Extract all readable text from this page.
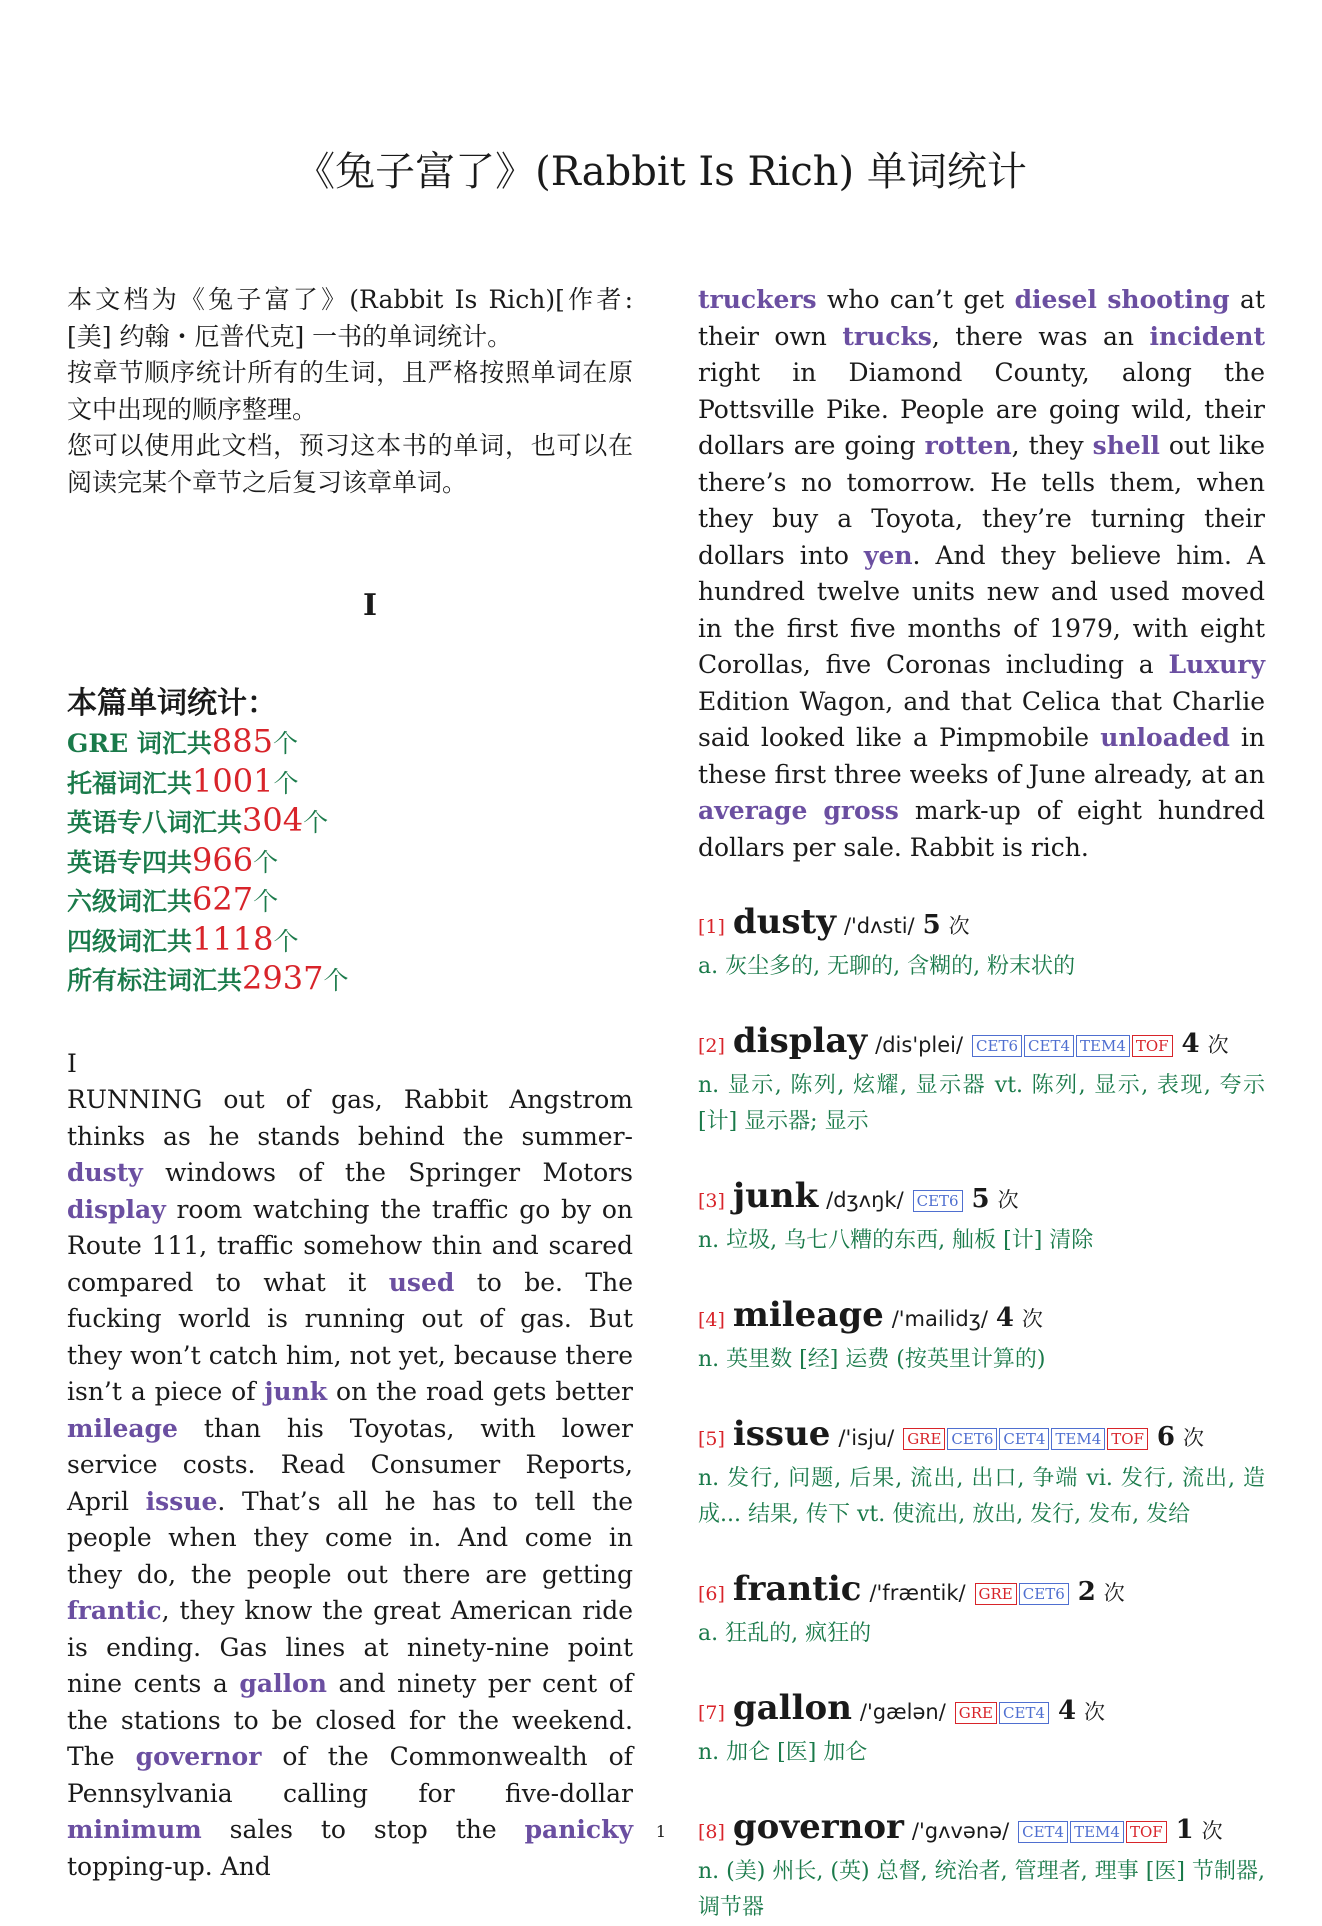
《兔子富了》(Rabbit Is Rich) 单词统计

本文档为《兔子富了》(Rabbit Is Rich)[作者: [美] 约翰・厄普代克] 一书的单词统计。

按章节顺序统计所有的生词，且严格按照单词在原文中出现的顺序整理。

您可以使用此文档，预习这本书的单词，也可以在阅读完某个章节之后复习该章单词。

I
本篇单词统计：
GRE 词汇共885个
托福词汇共1001个
英语专八词汇共304个
英语专四共966个
六级词汇共627个
四级词汇共1118个
所有标注词汇共2937个
I
RUNNING out of gas, Rabbit Angstrom thinks as he stands behind the summer-dusty windows of the Springer Motors display room watching the traffic go by on Route 111, traffic somehow thin and scared compared to what it used to be. The fucking world is running out of gas. But they won’t catch him, not yet, because there isn’t a piece of junk on the road gets better mileage than his Toyotas, with lower service costs. Read Consumer Reports, April issue. That’s all he has to tell the people when they come in. And come in they do, the people out there are getting frantic, they know the great American ride is ending. Gas lines at ninety-nine point nine cents a gallon and ninety per cent of the stations to be closed for the weekend. The governor of the Commonwealth of Pennsylvania calling for five-dollar minimum sales to stop the panicky topping-up. And
truckers who can’t get diesel shooting at their own trucks, there was an incident right in Diamond County, along the Pottsville Pike. People are going wild, their dollars are going rotten, they shell out like there’s no tomorrow. He tells them, when they buy a Toyota, they’re turning their dollars into yen. And they believe him. A hundred twelve units new and used moved in the first five months of 1979, with eight Corollas, five Coronas including a Luxury Edition Wagon, and that Celica that Charlie said looked like a Pimpmobile unloaded in these first three weeks of June already, at an average gross mark-up of eight hundred dollars per sale. Rabbit is rich.
[1] dusty /'dʌsti/ 5 次
a. 灰尘多的, 无聊的, 含糊的, 粉末状的
[2] display /dis'plei/ CET6 CET4 TEM4 TOF 4 次
n. 显示, 陈列, 炫耀, 显示器 vt. 陈列, 显示, 表现, 夸示 [计] 显示器; 显示
[3] junk /dʒʌŋk/ CET6 5 次
n. 垃圾, 乌七八糟的东西, 舢板 [计] 清除
[4] mileage /'mailidʒ/ 4 次
n. 英里数 [经] 运费 (按英里计算的)
[5] issue /'isju/ GRE CET6 CET4 TEM4 TOF 6 次
n. 发行, 问题, 后果, 流出, 出口, 争端 vi. 发行, 流出, 造成... 结果, 传下 vt. 使流出, 放出, 发行, 发布, 发给
[6] frantic /'fræntik/ GRE CET6 2 次
a. 狂乱的, 疯狂的
[7] gallon /'gælən/ GRE CET4 4 次
n. 加仑 [医] 加仑
[8] governor /'gʌvənə/ CET4 TEM4 TOF 1 次
n. (美) 州长, (英) 总督, 统治者, 管理者, 理事 [医] 节制器, 调节器
1
